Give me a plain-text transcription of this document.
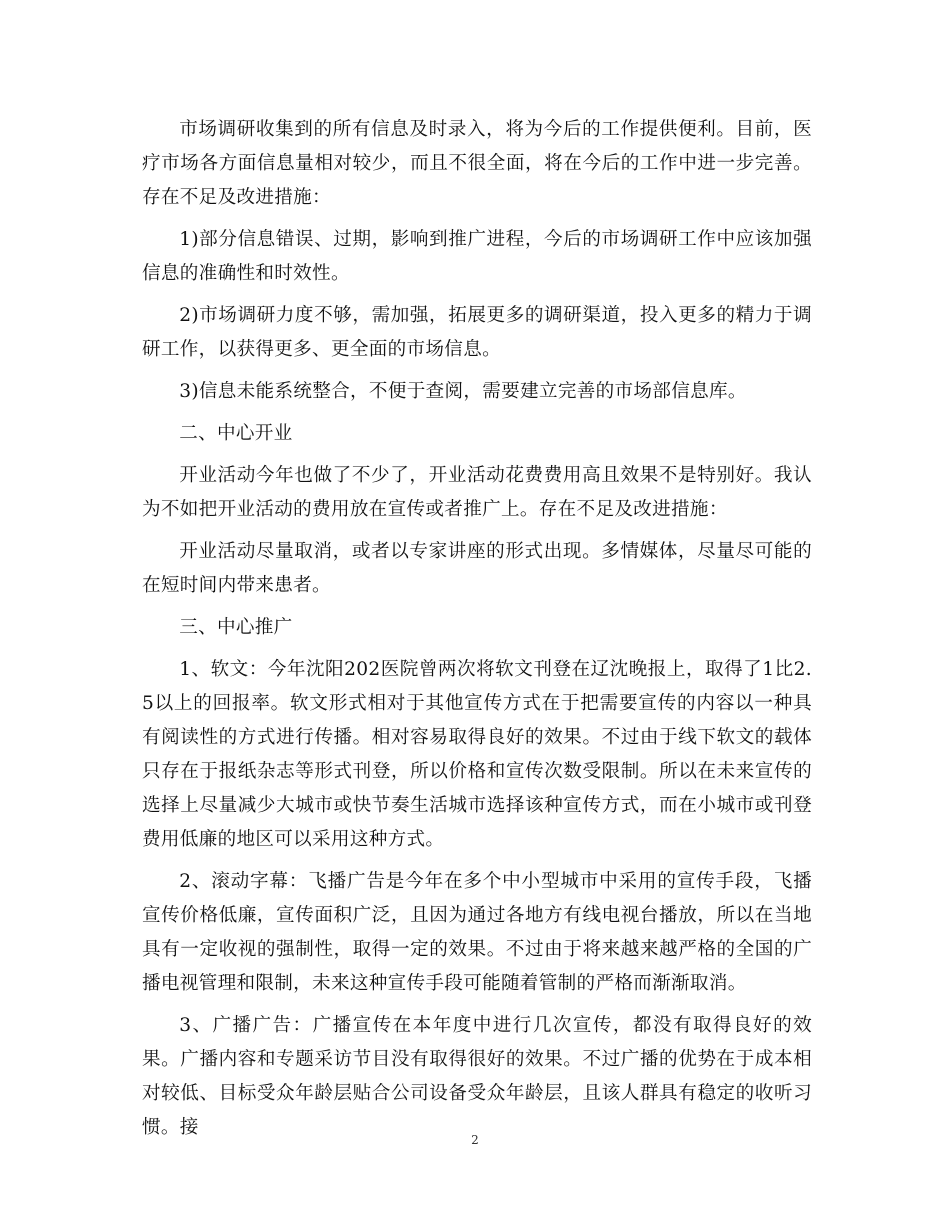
市场调研收集到的所有信息及时录入，将为今后的工作提供便利。目前，医疗市场各方面信息量相对较少，而且不很全面，将在今后的工作中进一步完善。存在不足及改进措施：

1)部分信息错误、过期，影响到推广进程，今后的市场调研工作中应该加强信息的准确性和时效性。

2)市场调研力度不够，需加强，拓展更多的调研渠道，投入更多的精力于调研工作，以获得更多、更全面的市场信息。

3)信息未能系统整合，不便于查阅，需要建立完善的市场部信息库。

二、中心开业

开业活动今年也做了不少了，开业活动花费费用高且效果不是特别好。我认为不如把开业活动的费用放在宣传或者推广上。存在不足及改进措施：

开业活动尽量取消，或者以专家讲座的形式出现。多情媒体，尽量尽可能的在短时间内带来患者。

三、中心推广

1、软文：今年沈阳202医院曾两次将软文刊登在辽沈晚报上，取得了1比2.5以上的回报率。软文形式相对于其他宣传方式在于把需要宣传的内容以一种具有阅读性的方式进行传播。相对容易取得良好的效果。不过由于线下软文的载体只存在于报纸杂志等形式刊登，所以价格和宣传次数受限制。所以在未来宣传的选择上尽量减少大城市或快节奏生活城市选择该种宣传方式，而在小城市或刊登费用低廉的地区可以采用这种方式。

2、滚动字幕：飞播广告是今年在多个中小型城市中采用的宣传手段，飞播宣传价格低廉，宣传面积广泛，且因为通过各地方有线电视台播放，所以在当地具有一定收视的强制性，取得一定的效果。不过由于将来越来越严格的全国的广播电视管理和限制，未来这种宣传手段可能随着管制的严格而渐渐取消。

3、广播广告：广播宣传在本年度中进行几次宣传，都没有取得良好的效果。广播内容和专题采访节目没有取得很好的效果。不过广播的优势在于成本相对较低、目标受众年龄层贴合公司设备受众年龄层，且该人群具有稳定的收听习惯。接

2
